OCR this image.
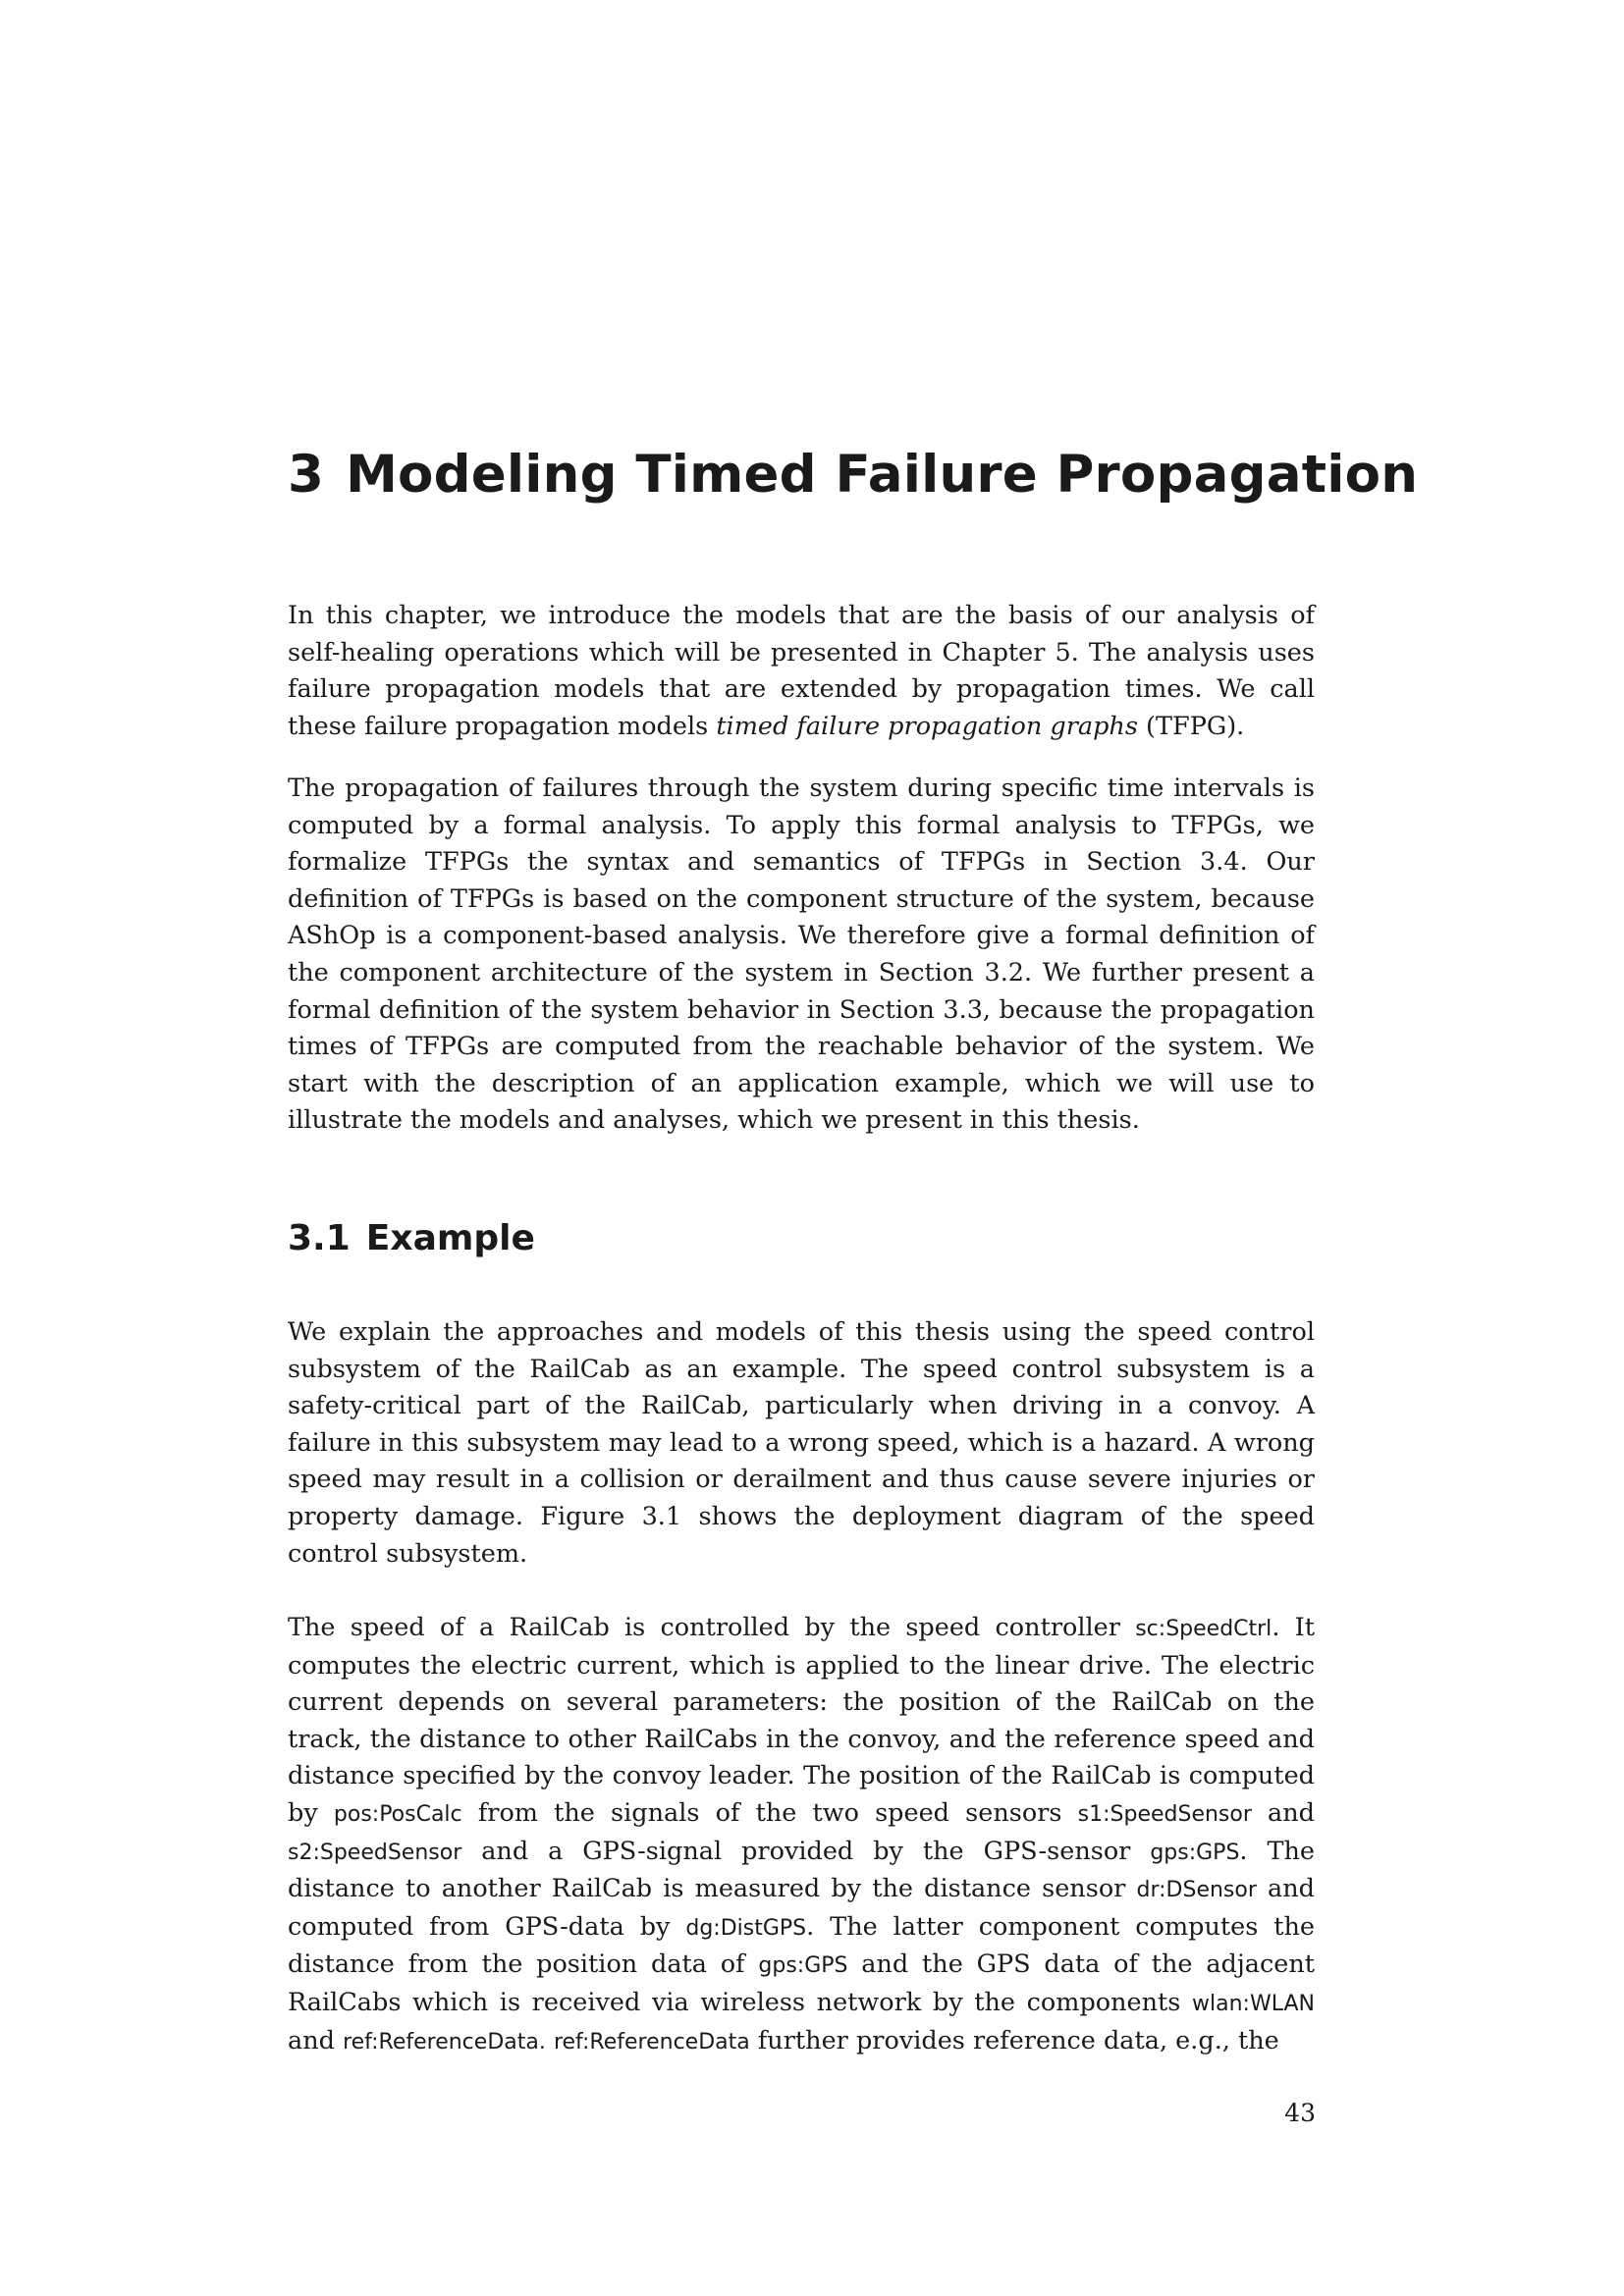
3 Modeling Timed Failure Propagation

In this chapter, we introduce the models that are the basis of our analysis of self-healing operations which will be presented in Chapter 5. The analysis uses failure propagation models that are extended by propagation times. We call these failure propagation models timed failure propagation graphs (TFPG).

The propagation of failures through the system during specific time intervals is computed by a formal analysis. To apply this formal analysis to TFPGs, we formalize TFPGs the syntax and semantics of TFPGs in Section 3.4. Our definition of TFPGs is based on the component structure of the system, because AShOp is a component-based analysis. We therefore give a formal definition of the component architecture of the system in Section 3.2. We further present a formal definition of the system behavior in Section 3.3, because the propagation times of TFPGs are computed from the reachable behavior of the system. We start with the description of an application example, which we will use to illustrate the models and analyses, which we present in this thesis.

3.1 Example

We explain the approaches and models of this thesis using the speed control subsystem of the RailCab as an example. The speed control subsystem is a safety-critical part of the RailCab, particularly when driving in a convoy. A failure in this subsystem may lead to a wrong speed, which is a hazard. A wrong speed may result in a collision or derailment and thus cause severe injuries or property damage. Figure 3.1 shows the deployment diagram of the speed control subsystem.

The speed of a RailCab is controlled by the speed controller sc:SpeedCtrl. It computes the electric current, which is applied to the linear drive. The electric current depends on several parameters: the position of the RailCab on the track, the distance to other RailCabs in the convoy, and the reference speed and distance specified by the convoy leader. The position of the RailCab is computed by pos:PosCalc from the signals of the two speed sensors s1:SpeedSensor and s2:SpeedSensor and a GPS-signal provided by the GPS-sensor gps:GPS. The distance to another RailCab is measured by the distance sensor dr:DSensor and computed from GPS-data by dg:DistGPS. The latter component computes the distance from the position data of gps:GPS and the GPS data of the adjacent RailCabs which is received via wireless network by the components wlan:WLAN and ref:ReferenceData. ref:ReferenceData further provides reference data, e.g., the

43
